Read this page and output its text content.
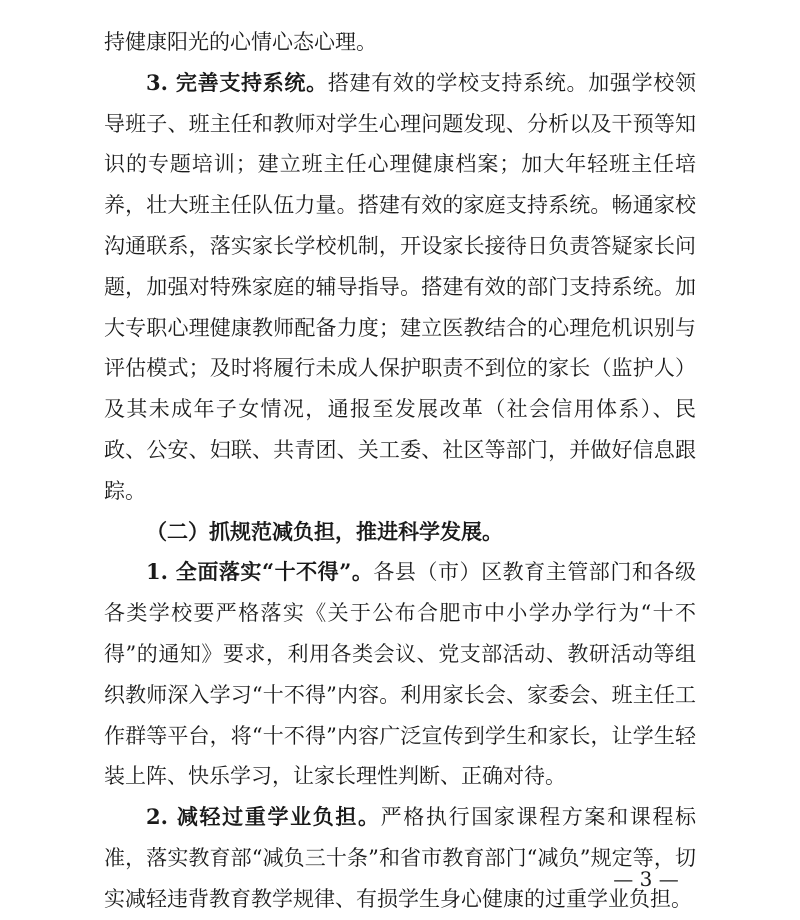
持健康阳光的心情心态心理。

3. 完善支持系统。搭建有效的学校支持系统。加强学校领导班子、班主任和教师对学生心理问题发现、分析以及干预等知识的专题培训；建立班主任心理健康档案；加大年轻班主任培养，壮大班主任队伍力量。搭建有效的家庭支持系统。畅通家校沟通联系，落实家长学校机制，开设家长接待日负责答疑家长问题，加强对特殊家庭的辅导指导。搭建有效的部门支持系统。加大专职心理健康教师配备力度；建立医教结合的心理危机识别与评估模式；及时将履行未成人保护职责不到位的家长（监护人）及其未成年子女情况，通报至发展改革（社会信用体系）、民政、公安、妇联、共青团、关工委、社区等部门，并做好信息跟踪。

（二）抓规范减负担，推进科学发展。

1. 全面落实“十不得”。各县（市）区教育主管部门和各级各类学校要严格落实《关于公布合肥市中小学办学行为“十不得”的通知》要求，利用各类会议、党支部活动、教研活动等组织教师深入学习“十不得”内容。利用家长会、家委会、班主任工作群等平台，将“十不得”内容广泛宣传到学生和家长，让学生轻装上阵、快乐学习，让家长理性判断、正确对待。

2. 减轻过重学业负担。严格执行国家课程方案和课程标准，落实教育部“减负三十条”和省市教育部门“减负”规定等，切实减轻违背教育教学规律、有损学生身心健康的过重学业负担。

— 3 —
